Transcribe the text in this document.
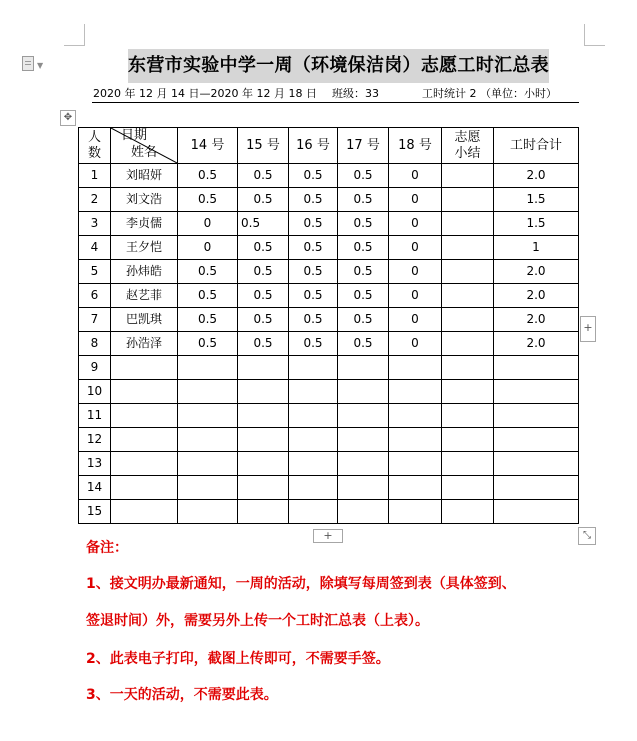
▼	东营市实验中学一周（环境保洁岗）志愿工时汇总表
2020 年 12 月 14 日—2020 年 12 月 18 日 班级：33	工时统计 2 （单位：小时）
✥
人
数	日期
姓名	14 号	15 号	16 号	17 号	18 号	志愿
小结	工时合计
1	刘昭妍	0.5	0.5	0.5	0.5	0		2.0
2	刘文浩	0.5	0.5	0.5	0.5	0		1.5
3	李贞儒	0	0.5	0.5	0.5	0		1.5
4	王夕恺	0	0.5	0.5	0.5	0		1
5	孙炜皓	0.5	0.5	0.5	0.5	0		2.0
6	赵艺菲	0.5	0.5	0.5	0.5	0		2.0
7	巴凯琪	0.5	0.5	0.5	0.5	0		2.0
8	孙浩泽	0.5	0.5	0.5	0.5	0		2.0
9								
10								
11								
12								
13								
14								
15								
+
+	⤡

备注：

1、接文明办最新通知，一周的活动，除填写每周签到表（具体签到、

签退时间）外，需要另外上传一个工时汇总表（上表）。

2、此表电子打印，截图上传即可，不需要手签。

3、一天的活动，不需要此表。
